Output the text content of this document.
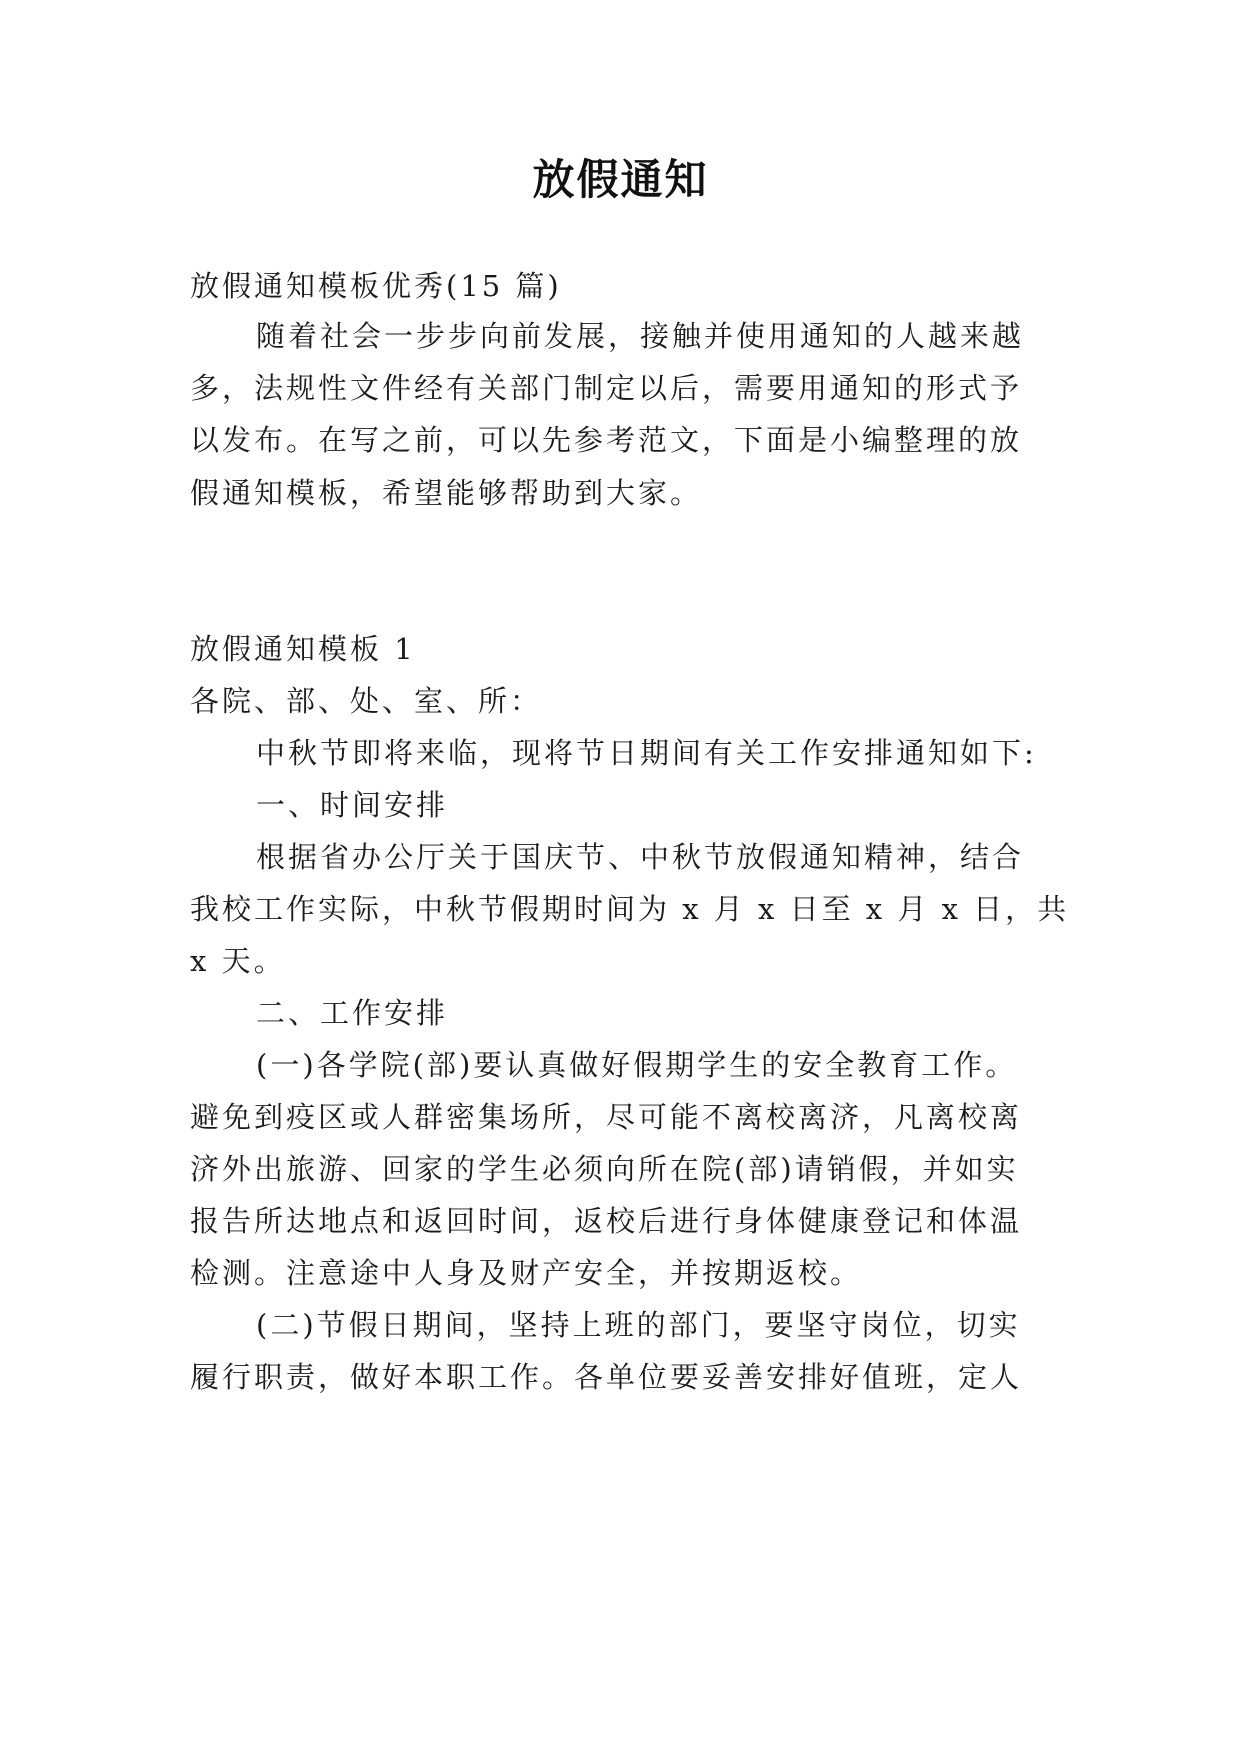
放假通知
放假通知模板优秀(15 篇)
随着社会一步步向前发展，接触并使用通知的人越来越
多，法规性文件经有关部门制定以后，需要用通知的形式予
以发布。在写之前，可以先参考范文，下面是小编整理的放
假通知模板，希望能够帮助到大家。
放假通知模板 1
各院、部、处、室、所：
中秋节即将来临，现将节日期间有关工作安排通知如下:
一、时间安排
根据省办公厅关于国庆节、中秋节放假通知精神，结合
我校工作实际，中秋节假期时间为 x 月 x 日至 x 月 x 日，共
x 天。
二、工作安排
(一)各学院(部)要认真做好假期学生的安全教育工作。
避免到疫区或人群密集场所，尽可能不离校离济，凡离校离
济外出旅游、回家的学生必须向所在院(部)请销假，并如实
报告所达地点和返回时间，返校后进行身体健康登记和体温
检测。注意途中人身及财产安全，并按期返校。
(二)节假日期间，坚持上班的部门，要坚守岗位，切实
履行职责，做好本职工作。各单位要妥善安排好值班，定人
